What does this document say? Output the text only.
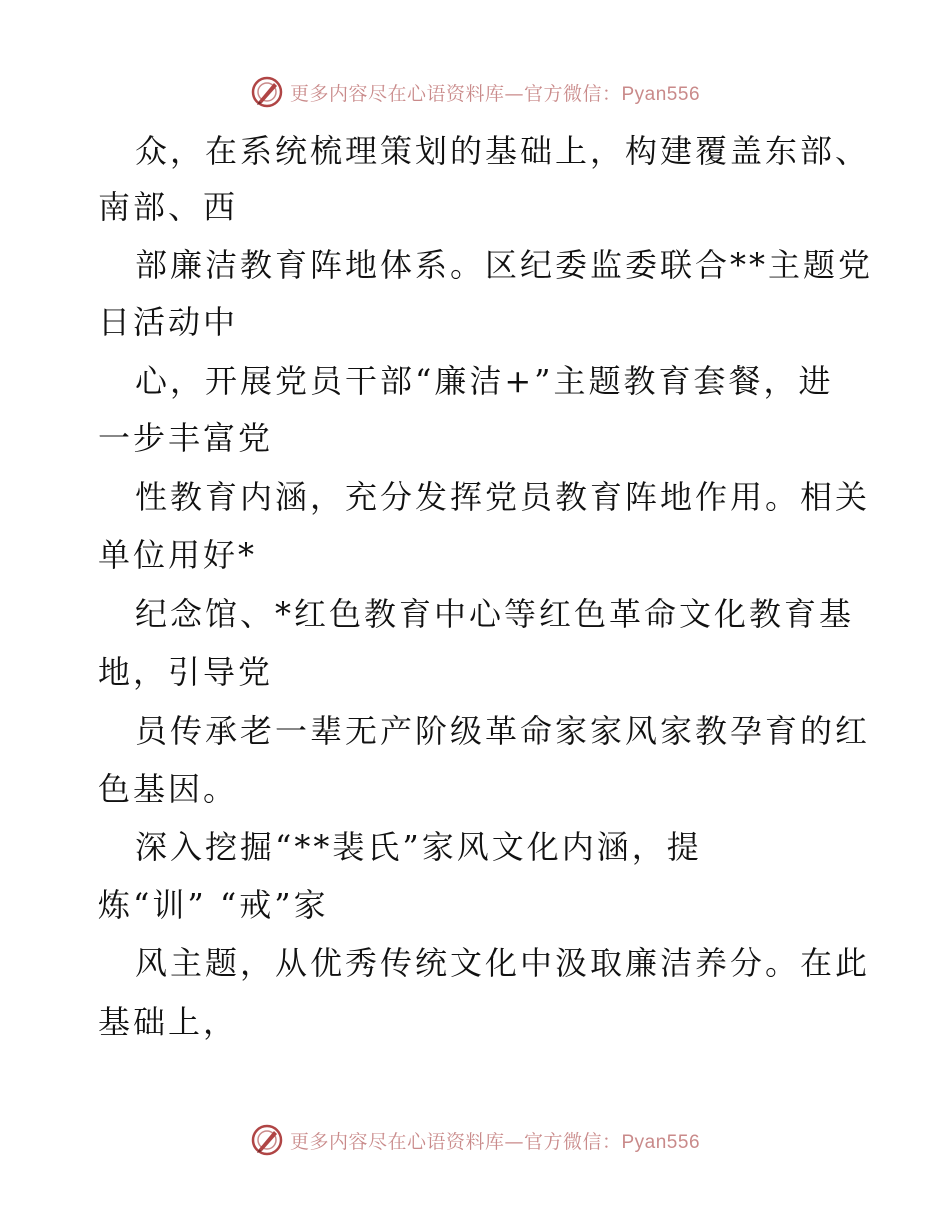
更多内容尽在心语资料库—官方微信：Pyan556
众，在系统梳理策划的基础上，构建覆盖东部、
南部、西
部廉洁教育阵地体系。区纪委监委联合**主题党
日活动中
心，开展党员干部“廉洁+”主题教育套餐，进
一步丰富党
性教育内涵，充分发挥党员教育阵地作用。相关
单位用好*
纪念馆、*红色教育中心等红色革命文化教育基
地，引导党
员传承老一辈无产阶级革命家家风家教孕育的红
色基因。
深入挖掘“**裴氏”家风文化内涵，提
炼“训” “戒”家
风主题，从优秀传统文化中汲取廉洁养分。在此
基础上，
更多内容尽在心语资料库—官方微信：Pyan556
